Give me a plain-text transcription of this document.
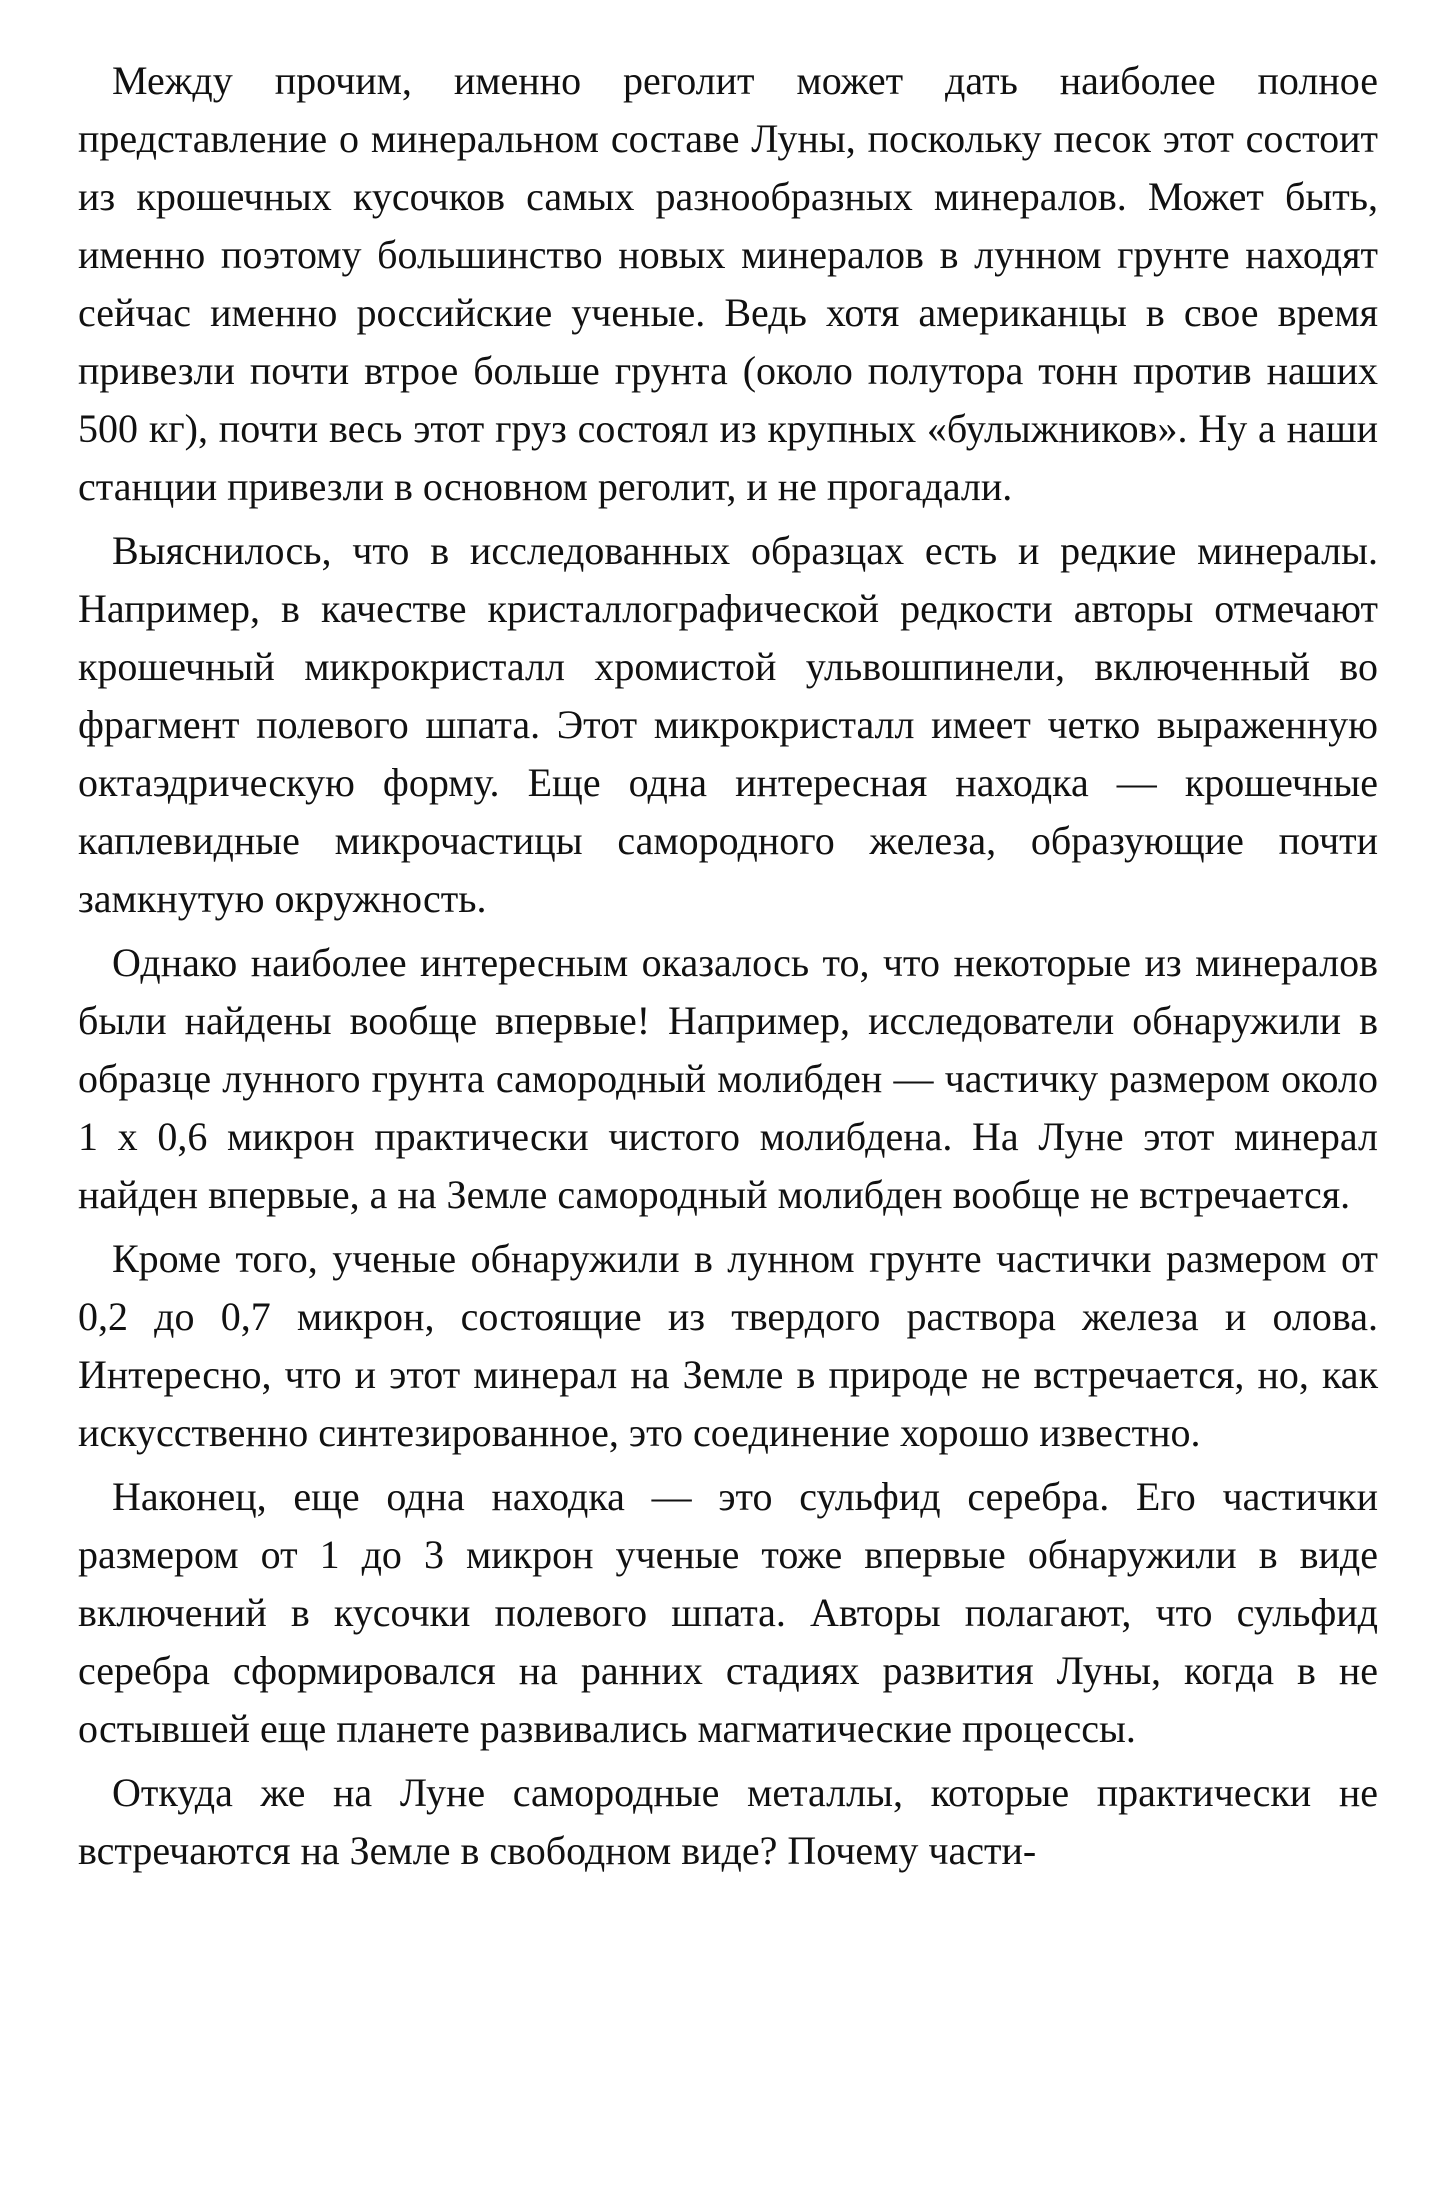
Между прочим, именно реголит может дать наиболее полное представление о минеральном составе Луны, поскольку песок этот состоит из крошечных кусочков самых разнообразных минералов. Может быть, именно поэтому большинство новых минералов в лунном грунте находят сейчас именно российские ученые. Ведь хотя американцы в свое время привезли почти втрое больше грунта (около полутора тонн против наших 500 кг), почти весь этот груз состоял из крупных «булыжников». Ну а наши станции привезли в основном реголит, и не прогадали.

Выяснилось, что в исследованных образцах есть и редкие минералы. Например, в качестве кристаллографической редкости авторы отмечают крошечный микрокристалл хромистой ульвошпинели, включенный во фрагмент полевого шпата. Этот микрокристалл имеет четко выраженную октаэдрическую форму. Еще одна интересная находка — крошечные каплевидные микрочастицы самородного железа, образующие почти замкнутую окружность.

Однако наиболее интересным оказалось то, что некоторые из минералов были найдены вообще впервые! Например, исследователи обнаружили в образце лунного грунта самородный молибден — частичку размером около 1 х 0,6 микрон практически чистого молибдена. На Луне этот минерал найден впервые, а на Земле самородный молибден вообще не встречается.

Кроме того, ученые обнаружили в лунном грунте частички размером от 0,2 до 0,7 микрон, состоящие из твердого раствора железа и олова. Интересно, что и этот минерал на Земле в природе не встречается, но, как искусственно синтезированное, это соединение хорошо известно.

Наконец, еще одна находка — это сульфид серебра. Его частички размером от 1 до 3 микрон ученые тоже впервые обнаружили в виде включений в кусочки полевого шпата. Авторы полагают, что сульфид серебра сформировался на ранних стадиях развития Луны, когда в не остывшей еще планете развивались магматические процессы.

Откуда же на Луне самородные металлы, которые практически не встречаются на Земле в свободном виде? Почему части-
